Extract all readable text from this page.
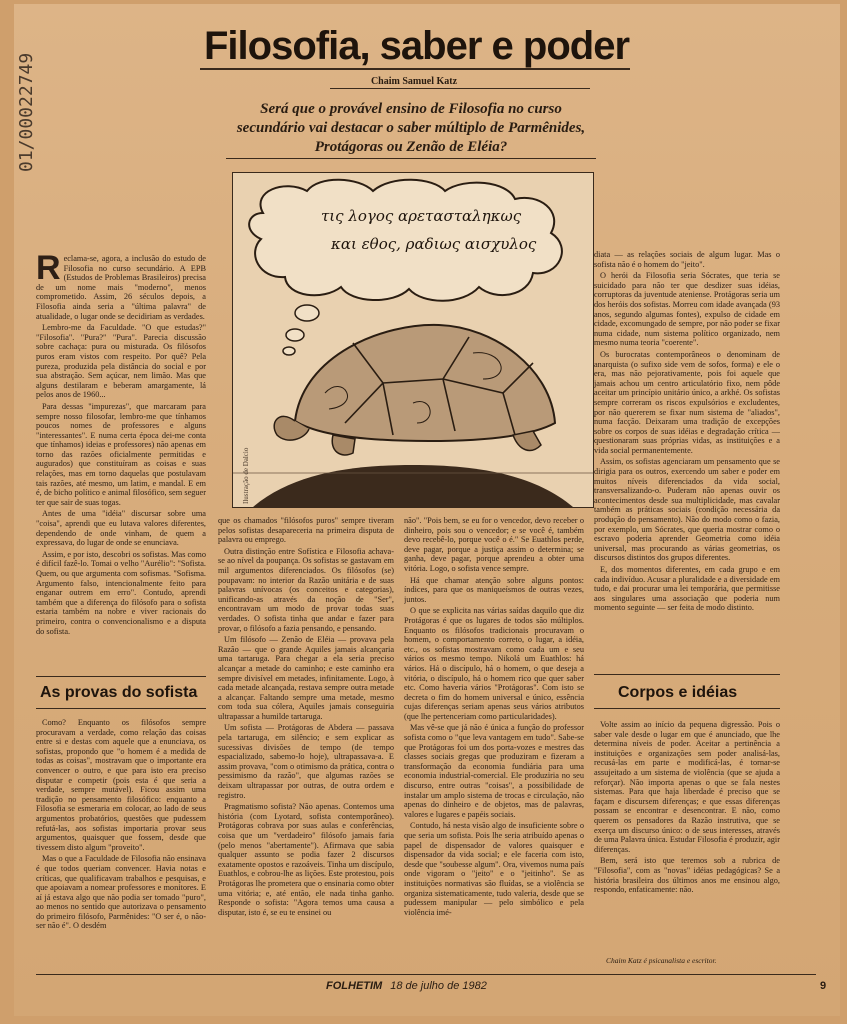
01/00022749
Filosofia, saber e poder
Chaim Samuel Katz
Será que o provável ensino de Filosofia no curso secundário vai destacar o saber múltiplo de Parmênides, Protágoras ou Zenão de Eléia?
τις λογος αρετασταληκως
και εθος, ραδιως αισχυλος
Ilustração de Dalcio

Reclama-se, agora, a inclusão do estudo de Filosofia no curso secundário. A EPB (Estudos de Problemas Brasileiros) precisa de um nome mais "moderno", menos comprometido. Assim, 26 séculos depois, a Filosofia ainda seria a "última palavra" de atualidade, o lugar onde se decidiriam as verdades.

Lembro-me da Faculdade. "O que estudas?" "Filosofia". "Pura?" "Pura". Parecia discussão sobre cachaça: pura ou misturada. Os filósofos puros eram vistos com respeito. Por quê? Pela pureza, produzida pela distância do social e por sua abstração. Sem açúcar, nem limão. Mas que alguns destilaram e beberam amargamente, lá pelos anos de 1960...

Para dessas "impurezas", que marcaram para sempre nosso filosofar, lembro-me que tínhamos poucos nomes de professores e alguns "interessantes". E numa certa época dei-me conta que tínhamos) ideias e professores) não apenas em torno das razões oficialmente permitidas e augurados) que constituíram as coisas e suas relações, mas em torno daquelas que postulavam tais razões, até mesmo, um latim, e mandal. E em é, de bicho político e animal filosófico, sem seguer ter que sair de suas togas.

Antes de uma "idéia" discursar sobre uma "coisa", aprendi que eu lutava valores diferentes, dependendo de onde vinham, de quem a expressava, do lugar de onde se enunciava.

Assim, e por isto, descobri os sofistas. Mas como é difícil fazê-lo. Tomai o velho "Aurélio": "Sofista. Quem, ou que argumenta com sofismas. "Sofisma. Argumento falso, intencionalmente feito para enganar outrem em erro". Contudo, aprendi também que a diferença do filósofo para o sofista estaria também na nobre e viver racionais do primeiro, contra o convencionalismo e a disputa do sofista.

As provas do sofista

Como? Enquanto os filósofos sempre procuravam a verdade, como relação das coisas entre si e destas com aquele que a enunciava, os sofistas, propondo que "o homem é a medida de todas as coisas", mostravam que o importante era convencer o outro, e que para isto era preciso disputar e competir (pois esta é que seria a verdade, sempre mutável). Ficou assim uma tradição no pensamento filosófico: enquanto a Filosofia se esmeraria em colocar, ao lado de seus argumentos probatórios, questões que pudessem refutá-las, aos sofistas importaria provar seus argumentos, quaisquer que fossem, desde que tivessem disto algum "proveito".

Mas o que a Faculdade de Filosofia não ensinava é que todos queriam convencer. Havia notas e críticas, que qualificavam trabalhos e pesquisas, e que apoiavam a nomear professores e monitores. E aí já estava algo que não podia ser tomado "puro", ao menos no sentido que autorizava o pensamento do primeiro filósofo, Parmênides: "O ser é, o não-ser não é". O desdém

que os chamados "filósofos puros" sempre tiveram pelos sofistas desapareceria na primeira disputa de palavra ou emprego.

Outra distinção entre Sofística e Filosofia achava-se ao nível da poupança. Os sofistas se gastavam em mil argumentos diferenciados. Os filósofos (se) poupavam: no interior da Razão unitária e de suas palavras unívocas (os conceitos e categorias), unificando-as através da noção de "Ser", encontravam um modo de provar todas suas verdades. O sofista tinha que andar e fazer para provar, o filósofo a fazia pensando, e pensando.

Um filósofo — Zenão de Eléia — provava pela Razão — que o grande Aquiles jamais alcançaria uma tartaruga. Para chegar a ela seria preciso alcançar a metade do caminho; e este caminho era sempre divisível em metades, infinitamente. Logo, à cada metade alcançada, restava sempre outra metade a alcançar. Faltando sempre uma metade, mesmo com toda sua cólera, Aquiles jamais conseguiria ultrapassar a humilde tartaruga.

Um sofista — Protágoras de Abdera — passava pela tartaruga, em silêncio; e sem explicar as sucessivas divisões de tempo (de tempo espacializado, sabemo-lo hoje), ultrapassava-a. E assim provava, "com o otimismo da prática, contra o pessimismo da razão", que algumas razões se deixam ultrapassar por outras, de outra ordem e registro.

Pragmatismo sofista? Não apenas. Contemos uma história (com Lyotard, sofista contemporâneo). Protágoras cobrava por suas aulas e conferências, coisa que um "verdadeiro" filósofo jamais faria (pelo menos "abertamente"). Afirmava que sabia qualquer assunto se podia fazer 2 discursos exatamente opostos e razoáveis. Tinha um discípulo, Euathlos, e cobrou-lhe as lições. Este protestou, pois Protágoras lhe prometera que o ensinaria como obter uma vitória; e, até então, ele nada tinha ganho. Responde o sofista: "Agora temos uma causa a disputar, isto é, se eu te ensinei ou

não". "Pois bem, se eu for o vencedor, devo receber o dinheiro, pois sou o vencedor; e se você é, também devo recebê-lo, porque você o é." Se Euathlos perde, deve pagar, porque a justiça assim o determina; se ganha, deve pagar, porque aprendeu a obter uma vitória. Logo, o sofista vence sempre.

Há que chamar atenção sobre alguns pontos: índices, para que os maniqueísmos de outras vezes, juntos.

O que se explicita nas várias saídas daquilo que diz Protágoras é que os lugares de todos são múltiplos. Enquanto os filósofos tradicionais procuravam o homem, o comportamento correto, o lugar, a idéia, etc., os sofistas mostravam como cada um e seu vários os mesmo tempo. Nikolá um Euathlos: há vários. Há o discípulo, há o homem, o que deseja a vitória, o discípulo, há o homem rico que quer saber etc. Como haveria vários "Protágoras". Com isto se decreta o fim do homem universal e único, essência cujas diferenças seriam apenas seus vários atributos (que lhe pertenceriam como particularidades).

Mas vê-se que já não é única a função do professor sofista como o "que leva vantagem em tudo". Sabe-se que Protágoras foi um dos porta-vozes e mestres das classes sociais gregas que produziram e fizeram a transformação da economia fundiária para uma economia industrial-comercial. Ele produziria no seu discurso, entre outras "coisas", a possibilidade de instalar um amplo sistema de trocas e circulação, não apenas do dinheiro e de objetos, mas de palavras, valores e lugares e papéis sociais.

Contudo, há nesta visão algo de insuficiente sobre o que seria um sofista. Pois lhe seria atribuído apenas o papel de dispensador de valores quaisquer e dispensador da vida social; e ele faceria com isto, desde que "soubesse algum". Ora, vivemos numa país onde vigoram o "jeito" e o "jeitinho". Se as instituições normativas são fluídas, se a violência se organiza sistematicamente, tudo valeria, desde que se pudessem manipular — pelo simbólico e pela violência imé-

diata — as relações sociais de algum lugar. Mas o sofista não é o homem do "jeito".

O herói da Filosofia seria Sócrates, que teria se suicidado para não ter que desdizer suas idéias, corruptoras da juventude ateniense. Protágoras seria um dos heróis dos sofistas. Morreu com idade avançada (93 anos, segundo algumas fontes), expulso de cidade em cidade, excomungado de sempre, por não poder se fixar numa cidade, num sistema político organizado, nem mesmo numa teoria "coerente".

Os burocratas contemporâneos o denominam de anarquista (o sufixo side vem de sofos, forma) e ele o era, mas não pejorativamente, pois foi aquele que jamais achou um centro articulatório fixo, nem pôde aceitar um princípio unitário único, a arkhé. Os sofistas sempre correram os riscos expulsórios e excludentes, por não quererem se fixar num sistema de "aliados", numa facção. Deixaram uma tradição de excepções sobre os corpos de suas idéias e degradação crítica — questionaram suas próprias vidas, as instituições e a vida social permanentemente.

Assim, os sofistas agenciaram um pensamento que se dirigia para os outros, exercendo um saber e poder em muitos níveis diferenciados da vida social, transversalizando-o. Puderam não apenas ouvir os acontecimentos desde sua multiplicidade, mas cavalar também as práticas sociais (condição necessária da produção do pensamento). Não do modo como o fazia, por exemplo, um Sócrates, que queria mostrar como o escravo poderia aprender Geometria como idéia universal, mas procurando as várias geometrias, os discursos distintos dos grupos diferentes.

E, dos momentos diferentes, em cada grupo e em cada indivíduo. Acusar a pluralidade e a diversidade em tudo, e dai procurar uma lei temporária, que permitisse aos singulares uma associação que poderia num momento seguinte — ser feita de modo distinto.

Corpos e idéias

Volte assim ao início da pequena digressão. Pois o saber vale desde o lugar em que é anunciado, que lhe determina níveis de poder. Aceitar a pertinência a instituições e organizações sem poder analisá-las, recusá-las em parte e modificá-las, é tornar-se assujeitado a um sistema de violência (que se ajuda a reforçar). Não importa apenas o que se fala nestes sistemas. Para que haja liberdade é preciso que se façam e discursem diferenças; e que essas diferenças possam se encontrar e desencontrar. E não, como querem os pensadores da Razão instrutiva, que se exerça um discurso único: o de seus interesses, através de uma Palavra única. Estudar Filosofia é produzir, agir diferenças.

Bem, será isto que teremos sob a rubrica de "Filosofia", com as "novas" idéias pedagógicas? Se a história brasileira dos últimos anos me ensinou algo, respondo, enfaticamente: não.

Chaim Katz é psicanalista e escritor.
FOLHETIM 18 de julho de 1982	9
